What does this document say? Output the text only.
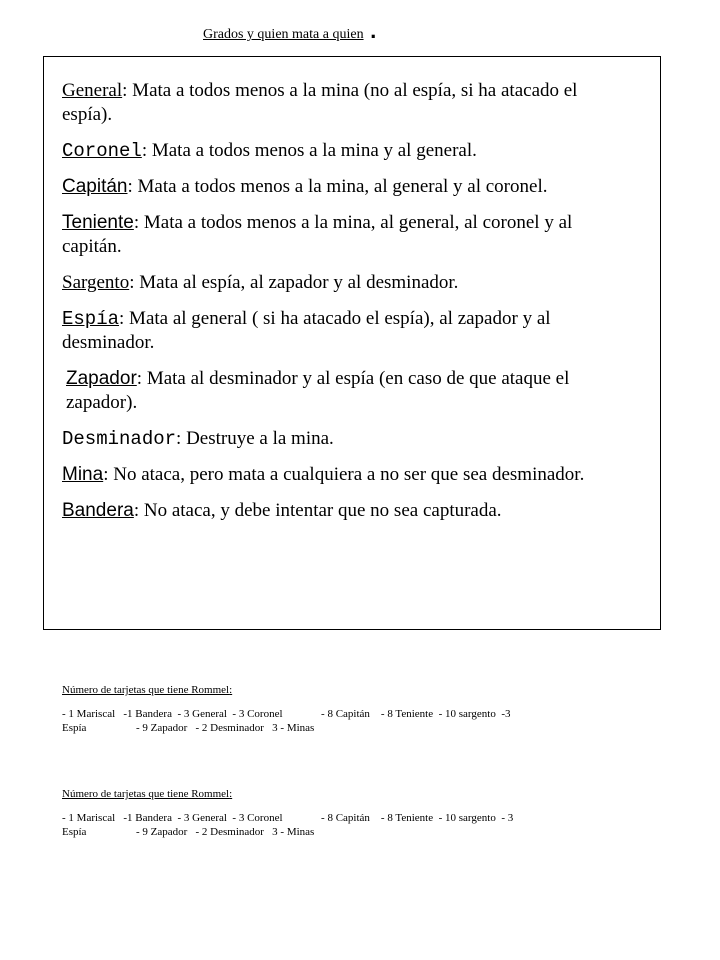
Grados y quien mata a quien .

General: Mata a todos menos a la mina (no al espía, si ha atacado el espía).

Coronel: Mata a todos menos a la mina y al general.

Capitán: Mata a todos menos a la mina, al general y al coronel.

Teniente: Mata a todos menos a la mina, al general, al coronel y al capitán.

Sargento: Mata al espía, al zapador y al desminador.

Espía: Mata al general ( si ha atacado el espía), al zapador y al desminador.

Zapador: Mata al desminador y al espía (en caso de que ataque el zapador).

Desminador: Destruye a la mina.

Mina: No ataca, pero mata a cualquiera a no ser que sea desminador.

Bandera: No ataca, y debe intentar que no sea capturada.

Número de tarjetas que tiene Rommel:

- 1 Mariscal   -1 Bandera  - 3 General  - 3 Coronel              - 8 Capitán    - 8 Teniente  - 10 sargento  -3

Espía                  - 9 Zapador   - 2 Desminador   3 - Minas

Número de tarjetas que tiene Rommel:

- 1 Mariscal   -1 Bandera  - 3 General  - 3 Coronel              - 8 Capitán    - 8 Teniente  - 10 sargento  - 3

Espía                  - 9 Zapador   - 2 Desminador   3 - Minas
